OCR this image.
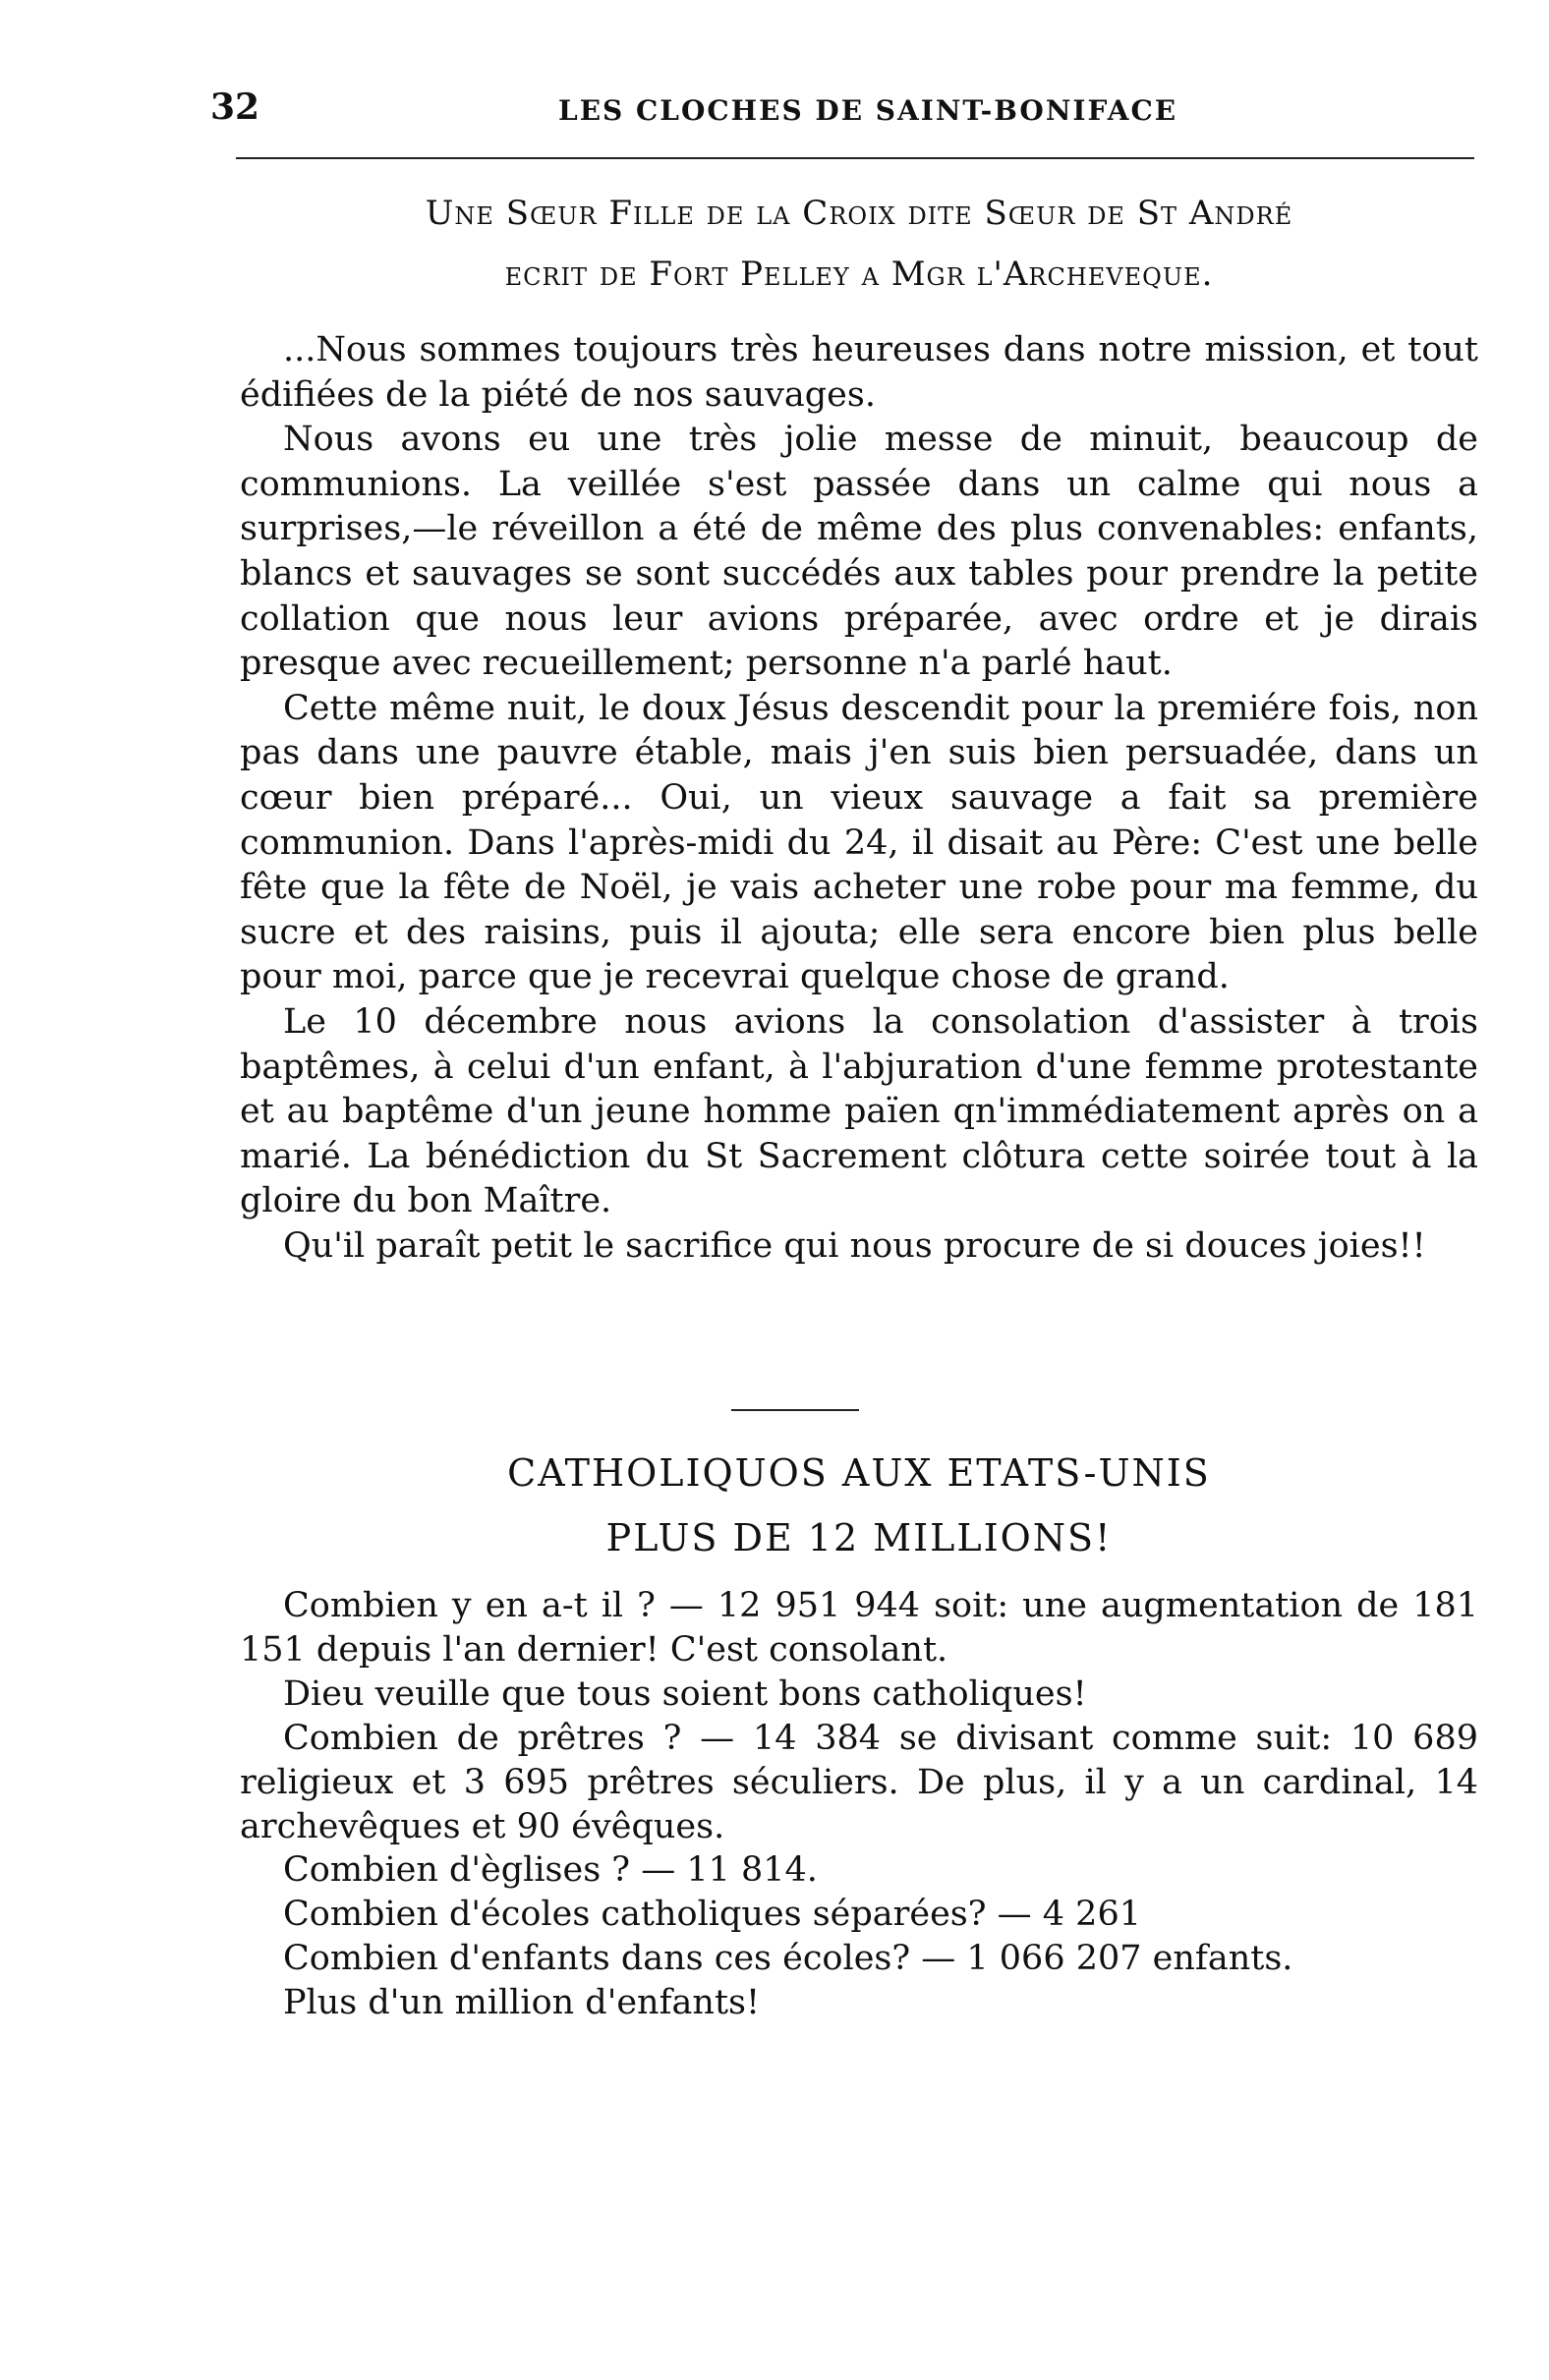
32	LES CLOCHES DE SAINT-BONIFACE
Une Sœur Fille de la Croix dite Sœur de St André
ecrit de Fort Pelley a Mgr l'Archeveque.

...Nous sommes toujours très heureuses dans notre mission, et tout édifiées de la piété de nos sauvages.

Nous avons eu une très jolie messe de minuit, beaucoup de communions. La veillée s'est passée dans un calme qui nous a surprises,—le réveillon a été de même des plus convenables: enfants, blancs et sauvages se sont succédés aux tables pour prendre la petite collation que nous leur avions préparée, avec ordre et je dirais presque avec recueillement; personne n'a parlé haut.

Cette même nuit, le doux Jésus descendit pour la premiére fois, non pas dans une pauvre étable, mais j'en suis bien persuadée, dans un cœur bien préparé... Oui, un vieux sauvage a fait sa première communion. Dans l'après-midi du 24, il disait au Père: C'est une belle fête que la fête de Noël, je vais acheter une robe pour ma femme, du sucre et des raisins, puis il ajouta; elle sera encore bien plus belle pour moi, parce que je recevrai quelque chose de grand.

Le 10 décembre nous avions la consolation d'assister à trois baptêmes, à celui d'un enfant, à l'abjuration d'une femme protestante et au baptême d'un jeune homme païen qn'immédiatement après on a marié. La bénédiction du St Sacrement clôtura cette soirée tout à la gloire du bon Maître.

Qu'il paraît petit le sacrifice qui nous procure de si douces joies!!

CATHOLIQUOS AUX ETATS-UNIS
PLUS DE 12 MILLIONS!

Combien y en a-t il ? — 12 951 944 soit: une augmentation de 181 151 depuis l'an dernier! C'est consolant.

Dieu veuille que tous soient bons catholiques!

Combien de prêtres ? — 14 384 se divisant comme suit: 10 689 religieux et 3 695 prêtres séculiers. De plus, il y a un cardinal, 14 archevêques et 90 évêques.

Combien d'èglises ? — 11 814.

Combien d'écoles catholiques séparées? — 4 261

Combien d'enfants dans ces écoles? — 1 066 207 enfants.

Plus d'un million d'enfants!
